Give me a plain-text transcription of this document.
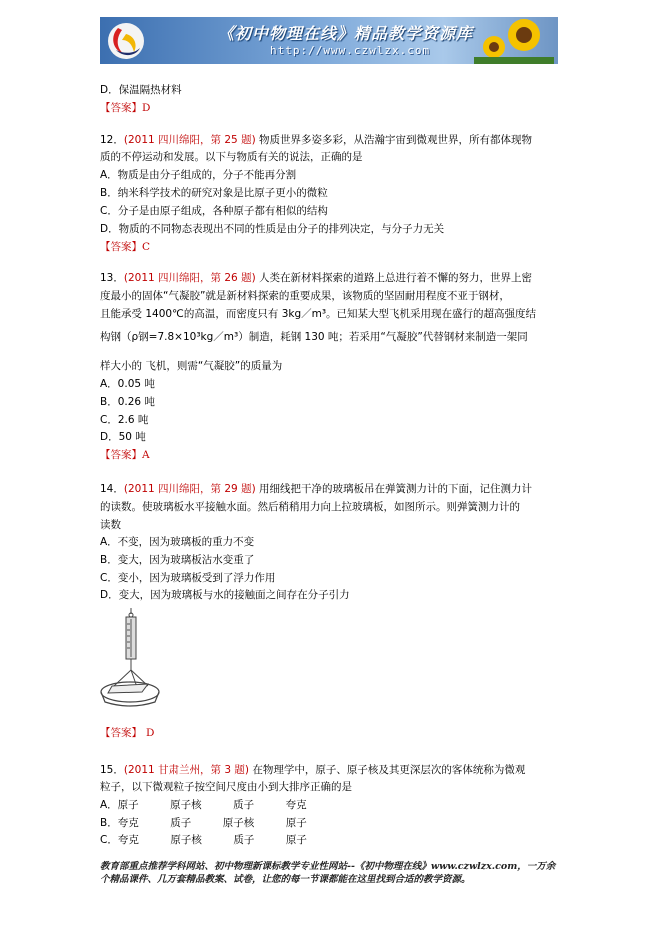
《初中物理在线》精品教学资源库
http://www.czwlzx.com
D．保温隔热材料
12．(2011 四川绵阳，第 25 题) 物质世界多姿多彩，从浩瀚宇宙到微观世界，所有都体现物
质的不停运动和发展。以下与物质有关的说法，正确的是
A．物质是由分子组成的，分子不能再分割
B．纳米科学技术的研究对象是比原子更小的微粒
C．分子是由原子组成，各种原子都有相似的结构
D．物质的不同物态表现出不同的性质是由分子的排列决定，与分子力无关
13．(2011 四川绵阳，第 26 题) 人类在新材料探索的道路上总进行着不懈的努力，世界上密
度最小的固体“气凝胶”就是新材料探索的重要成果，该物质的坚固耐用程度不亚于钢材，
且能承受 1400℃的高温，而密度只有 3kg／m³。已知某大型飞机采用现在盛行的超高强度结
构钢（ρ钢=7.8×10³kg／m³）制造，耗钢 130 吨；若采用“气凝胶”代替钢材来制造一架同
样大小的 飞机，则需“气凝胶”的质量为
A．0.05 吨
B．0.26 吨
C．2.6 吨
D．50 吨
14．(2011 四川绵阳，第 29 题) 用细线把干净的玻璃板吊在弹簧测力计的下面，记住测力计
的读数。使玻璃板水平接触水面。然后稍稍用力向上拉玻璃板，如图所示。则弹簧测力计的
读数
A．不变，因为玻璃板的重力不变
B．变大，因为玻璃板沾水变重了
C．变小，因为玻璃板受到了浮力作用
D．变大，因为玻璃板与水的接触面之间存在分子引力
15．(2011 甘肃兰州，第 3 题) 在物理学中，原子、原子核及其更深层次的客体统称为微观
粒子，以下微观粒子按空间尺度由小到大排序正确的是
A．原子　　　原子核　　　质子　　　夸克
B．夸克　　　质子　　　原子核　　　原子
C．夸克　　　原子核　　　质子　　　原子
【答案】D
【答案】C
【答案】A
【答案】 D
教育部重点推荐学科网站、初中物理新课标教学专业性网站--《初中物理在线》www.czwlzx.com，一万余个精品课件、几万套精品教案、试卷，让您的每一节课都能在这里找到合适的教学资源。
